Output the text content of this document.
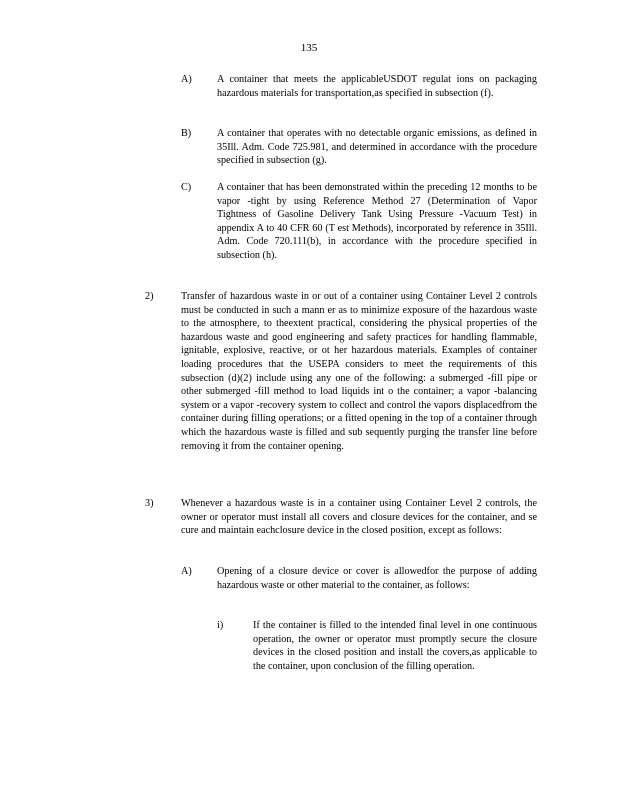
135
A) A container that meets the applicableUSDOT regulat ions on packaging hazardous materials for transportation,as specified in subsection (f).
B)	A container that operates with no detectable organic emissions, as defined in 35Ill. Adm. Code 725.981, and determined in accordance with the procedure specified in subsection (g).
C)	A container that has been demonstrated within the preceding 12 months to be vapor -tight by using Reference Method 27 (Determination of Vapor Tightness of Gasoline Delivery Tank Using Pressure -Vacuum Test) in appendix A to 40 CFR 60 (T est Methods), incorporated by reference in 35Ill. Adm. Code 720.111(b), in accordance with the procedure specified in subsection (h).
2)	Transfer of hazardous waste in or out of a container using Container Level 2 controls must be conducted in such a mann er as to minimize exposure of the hazardous waste to the atmosphere, to theextent practical, considering the physical properties of the hazardous waste and good engineering and safety practices for handling flammable, ignitable, explosive, reactive, or ot her hazardous materials. Examples of container loading procedures that the USEPA considers to meet the requirements of this subsection (d)(2) include using any one of the following: a submerged -fill pipe or other submerged -fill method to load liquids int o the container; a vapor -balancing system or a vapor -recovery system to collect and control the vapors displacedfrom the container during filling operations; or a fitted opening in the top of a container through which the hazardous waste is filled and sub sequently purging the transfer line before removing it from the container opening.
3)	Whenever a hazardous waste is in a container using Container Level 2 controls, the owner or operator must install all covers and closure devices for the container, and se cure and maintain eachclosure device in the closed position, except as follows:
A) Opening of a closure device or cover is allowedfor the purpose of adding hazardous waste or other material to the container, as follows:
i)	If the container is filled to the intended final level in one continuous operation, the owner or operator must promptly secure the closure devices in the closed position and install the covers,as applicable to the container, upon conclusion of the filling operation.
